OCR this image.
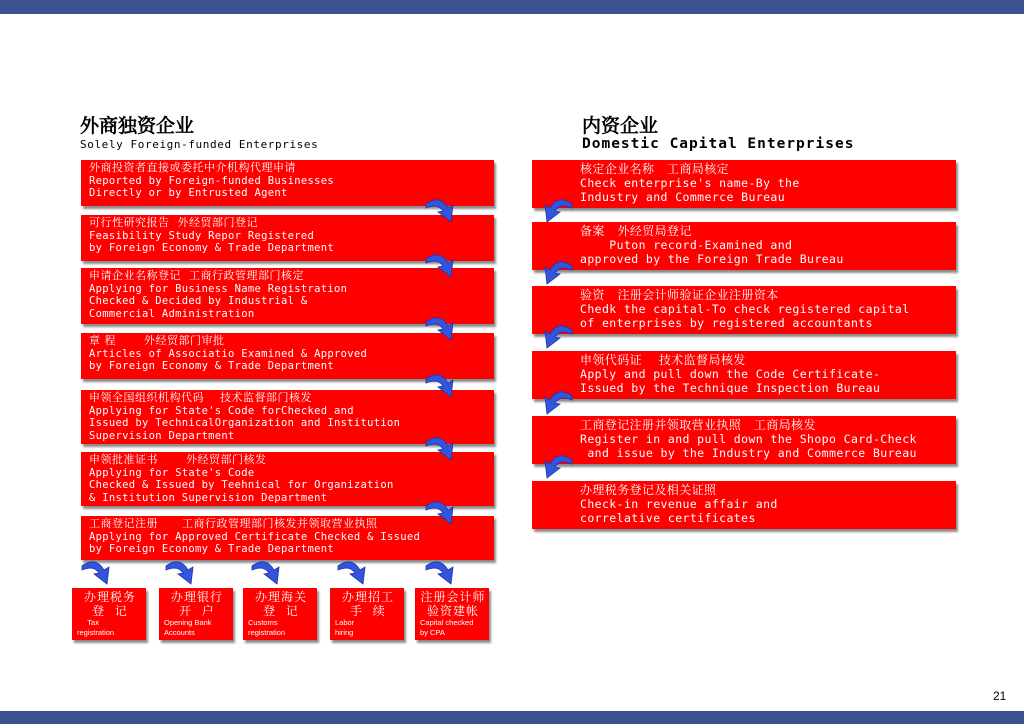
外商独资企业
Solely Foreign-funded Enterprises
外商投资者直接或委托中介机构代理申请
Reported by Foreign-funded Businesses
Directly or by Entrusted Agent
可行性研究报告  外经贸部门登记
Feasibility Study Repor Registered
by Foreign Economy & Trade Department
申请企业名称登记  工商行政管理部门核定
Applying for Business Name Registration
Checked & Decided by Industrial &
Commercial Administration
章 程       外经贸部门审批
Articles of Associatio Examined & Approved
by Foreign Economy & Trade Department
申领全国组织机构代码    技术监督部门核发
Applying for State's Code forChecked and
Issued by TechnicalOrganization and Institution
Supervision Department
申领批准证书       外经贸部门核发
Applying for State's Code
Checked & Issued by Teehnical for Organization
& Institution Supervision Department
工商登记注册      工商行政管理部门核发并领取营业执照
Applying for Approved Certificate Checked & Issued
by Foreign Economy & Trade Department
内资企业
Domestic Capital Enterprises
核定企业名称   工商局核定
Check enterprise's name-By the
Industry and Commerce Bureau
备案   外经贸局登记
Puton record-Examined and
approved by the Foreign Trade Bureau
验资   注册会计师验证企业注册资本
Chedk the capital-To check registered capital
of enterprises by registered accountants
申领代码证    技术监督局核发
Apply and pull down the Code Certificate-
Issued by the Technique Inspection Bureau
工商登记注册并领取营业执照   工商局核发
Register in and pull down the Shopo Card-Check
and issue by the Industry and Commerce Bureau
办理税务登记及相关证照
Check-in revenue affair and
correlative certificates
办理税务
登  记
Tax
registration
办理银行
开  户
Opening Bank
Accounts
办理海关
登  记
Customs
registration
办理招工
手  续
Labor
hiring
注册会计师
验资建帐
Capital checked
by CPA
21
